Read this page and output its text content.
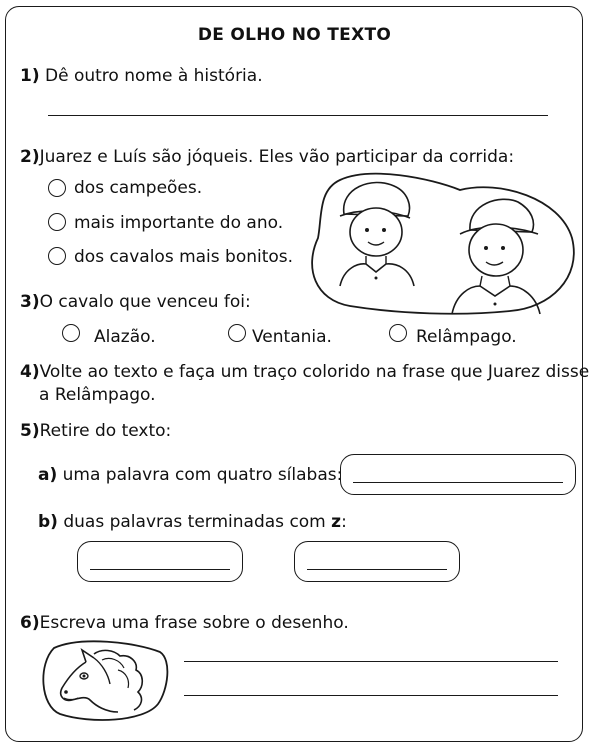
DE OLHO NO TEXTO
1) Dê outro nome à história.
2)Juarez e Luís são jóqueis. Eles vão participar da corrida:
dos campeões.
mais importante do ano.
dos cavalos mais bonitos.
3)O cavalo que venceu foi:
Alazão.	Ventania.	Relâmpago.
4)Volte ao texto e faça um traço colorido na frase que Juarez disse
a Relâmpago.
5)Retire do texto:
a) uma palavra com quatro sílabas:
b) duas palavras terminadas com z:
6)Escreva uma frase sobre o desenho.
